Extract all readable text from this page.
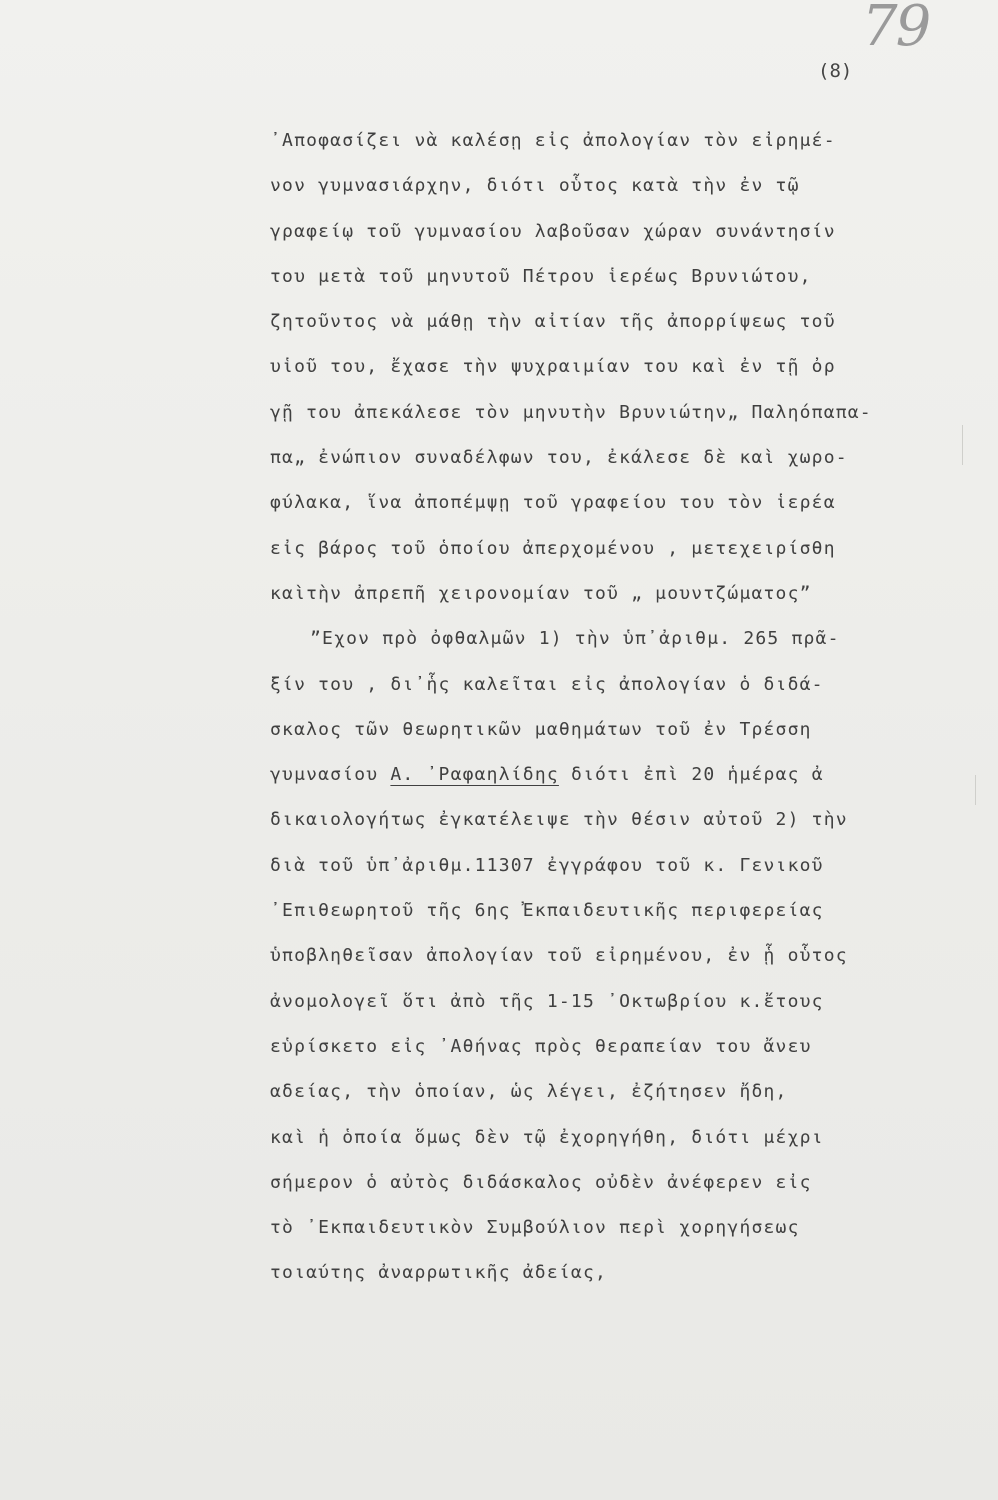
79
(8)
᾽Αποφασίζει νὰ καλέσῃ εἰς ἀπολογίαν τὸν εἰρημέ-
νον γυμνασιάρχην, διότι οὗτος κατὰ τὴν ἐν τῷ
γραφείῳ τοῦ γυμνασίου λαβοῦσαν χώραν συνάντησίν
του μετὰ τοῦ μηνυτοῦ Πέτρου ἱερέως Βρυνιώτου,
ζητοῦντος νὰ μάθῃ τὴν αἰτίαν τῆς ἀπορρίψεως τοῦ
υἱοῦ του, ἔχασε τὴν ψυχραιμίαν του καὶ ἐν τῇ ὀρ
γῇ του ἀπεκάλεσε τὸν μηνυτὴν Βρυνιώτην„ Παληόπαπα-
πα„ ἐνώπιον συναδέλφων του, ἐκάλεσε δὲ καὶ χωρο-
φύλακα, ἵνα ἀποπέμψῃ τοῦ γραφείου του τὸν ἱερέα
εἰς βάρος τοῦ ὁποίου ἀπερχομένου , μετεχειρίσθη
καὶτὴν ἀπρεπῆ χειρονομίαν τοῦ „ μουντζώματος”
”Εχον πρὸ ὀφθαλμῶν 1) τὴν ὑπ᾽ἀριθμ. 265 πρᾶ-
ξίν του , δι᾽ἧς καλεῖται εἰς ἀπολογίαν ὁ διδά-
σκαλος τῶν θεωρητικῶν μαθημάτων τοῦ ἐν Τρέσση
γυμνασίου Α. ᾽Ραφαηλίδης διότι ἐπὶ 20 ἡμέρας ἀ
δικαιολογήτως ἐγκατέλειψε τὴν θέσιν αὐτοῦ 2) τὴν
διὰ τοῦ ὑπ᾽ἀριθμ.11307 ἐγγράφου τοῦ κ. Γενικοῦ
᾽Επιθεωρητοῦ τῆς 6ης Ἐκπαιδευτικῆς περιφερείας
ὑποβληθεῖσαν ἀπολογίαν τοῦ εἰρημένου, ἐν ᾗ οὗτος
ἀνομολογεῖ ὅτι ἀπὸ τῆς 1-15 ᾽Οκτωβρίου κ.ἔτους
εὑρίσκετο εἰς ᾽Αθήνας πρὸς θεραπείαν του ἄνευ
αδείας, τὴν ὁποίαν, ὡς λέγει, ἐζήτησεν ἤδη,
καὶ ἡ ὁποία ὅμως δὲν τῷ ἐχορηγήθη, διότι μέχρι
σήμερον ὁ αὐτὸς διδάσκαλος οὐδὲν ἀνέφερεν εἰς
τὸ ᾽Εκπαιδευτικὸν Συμβούλιον περὶ χορηγήσεως
τοιαύτης ἀναρρωτικῆς ἀδείας,
